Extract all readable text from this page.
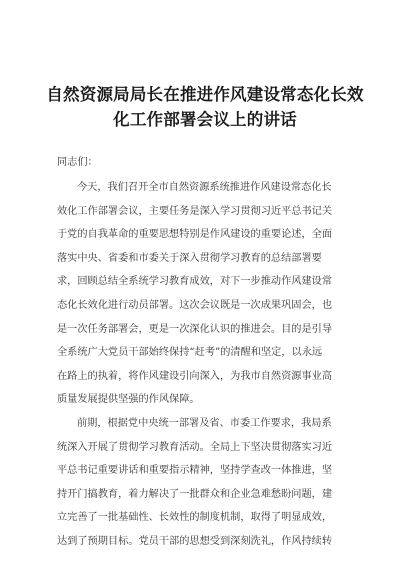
自然资源局局长在推进作风建设常态化长效
化工作部署会议上的讲话
同志们：
今天，我们召开全市自然资源系统推进作风建设常态化长
效化工作部署会议，主要任务是深入学习贯彻习近平总书记关
于党的自我革命的重要思想特别是作风建设的重要论述，全面
落实中央、省委和市委关于深入贯彻学习教育的总结部署要
求，回顾总结全系统学习教育成效，对下一步推动作风建设常
态化长效化进行动员部署。这次会议既是一次成果巩固会，也
是一次任务部署会，更是一次深化认识的推进会。目的是引导
全系统广大党员干部始终保持“赶考”的清醒和坚定，以永远
在路上的执着，将作风建设引向深入，为我市自然资源事业高
质量发展提供坚强的作风保障。
前期，根据党中央统一部署及省、市委工作要求，我局系
统深入开展了贯彻学习教育活动。全局上下坚决贯彻落实习近
平总书记重要讲话和重要指示精神，坚持学查改一体推进，坚
持开门搞教育，着力解决了一批群众和企业急难愁盼问题，建
立完善了一批基础性、长效性的制度机制，取得了明显成效，
达到了预期目标。党员干部的思想受到深刻洗礼，作风持续转
